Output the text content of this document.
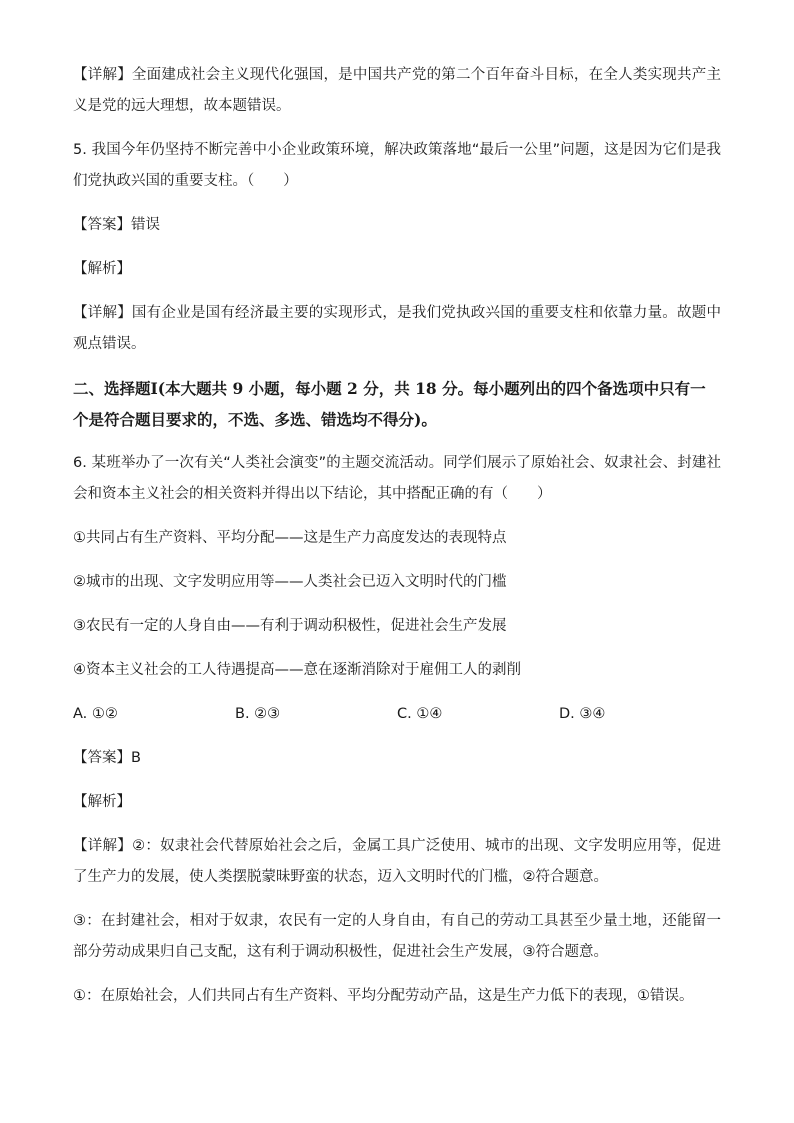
【详解】全面建成社会主义现代化强国，是中国共产党的第二个百年奋斗目标，在全人类实现共产主义是党的远大理想，故本题错误。

5. 我国今年仍坚持不断完善中小企业政策环境，解决政策落地“最后一公里”问题，这是因为它们是我们党执政兴国的重要支柱。（　　）

【答案】错误

【解析】

【详解】国有企业是国有经济最主要的实现形式，是我们党执政兴国的重要支柱和依靠力量。故题中观点错误。

二、选择题Ⅰ(本大题共 9 小题，每小题 2 分，共 18 分。每小题列出的四个备选项中只有一个是符合题目要求的，不选、多选、错选均不得分)。

6. 某班举办了一次有关“人类社会演变”的主题交流活动。同学们展示了原始社会、奴隶社会、封建社会和资本主义社会的相关资料并得出以下结论，其中搭配正确的有（　　）

①共同占有生产资料、平均分配——这是生产力高度发达的表现特点

②城市的出现、文字发明应用等——人类社会已迈入文明时代的门槛

③农民有一定的人身自由——有利于调动积极性，促进社会生产发展

④资本主义社会的工人待遇提高——意在逐渐消除对于雇佣工人的剥削

A. ①②	B. ②③	C. ①④	D. ③④

【答案】B

【解析】

【详解】②：奴隶社会代替原始社会之后，金属工具广泛使用、城市的出现、文字发明应用等，促进了生产力的发展，使人类摆脱蒙昧野蛮的状态，迈入文明时代的门槛，②符合题意。

③：在封建社会，相对于奴隶，农民有一定的人身自由，有自己的劳动工具甚至少量土地，还能留一部分劳动成果归自己支配，这有利于调动积极性，促进社会生产发展，③符合题意。

①：在原始社会，人们共同占有生产资料、平均分配劳动产品，这是生产力低下的表现，①错误。
